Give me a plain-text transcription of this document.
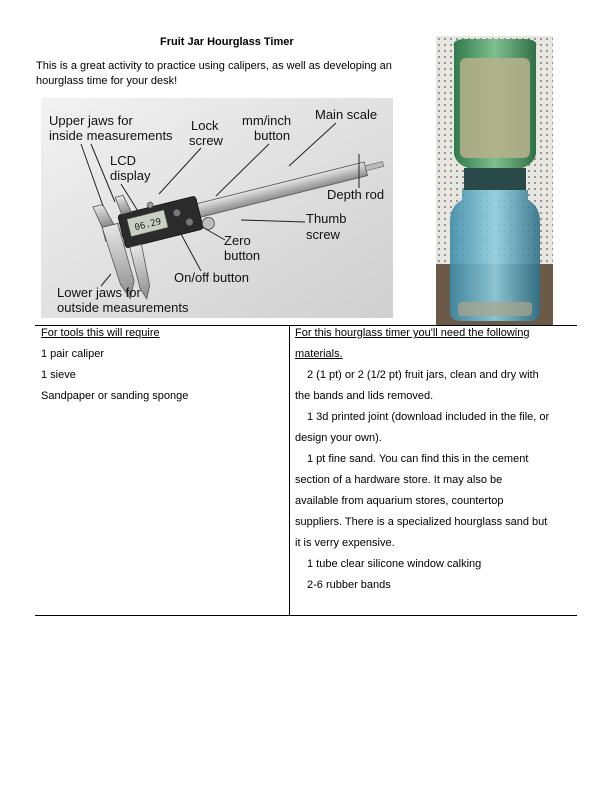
Fruit Jar Hourglass Timer
This is a great activity to practice using calipers, as well as developing an hourglass time for your desk!
06.29
Upper jaws for
inside measurements
Lock
screw
mm/inch
button
Main scale
LCD
display
Depth rod
Thumb
screw
Zero
button
On/off button
Lower jaws for
outside measurements
For tools this will require
1 pair caliper
1 sieve
Sandpaper or sanding sponge
For this hourglass timer you'll need the following
materials.
2 (1 pt) or 2 (1/2 pt) fruit jars, clean and dry with
the bands and lids removed.
1 3d printed joint (download included in the file, or
design your own).
1 pt fine sand. You can find this in the cement
section of a hardware store. It may also be
available from aquarium stores, countertop
suppliers. There is a specialized hourglass sand but
it is verry expensive.
1 tube clear silicone window calking
2-6 rubber bands
